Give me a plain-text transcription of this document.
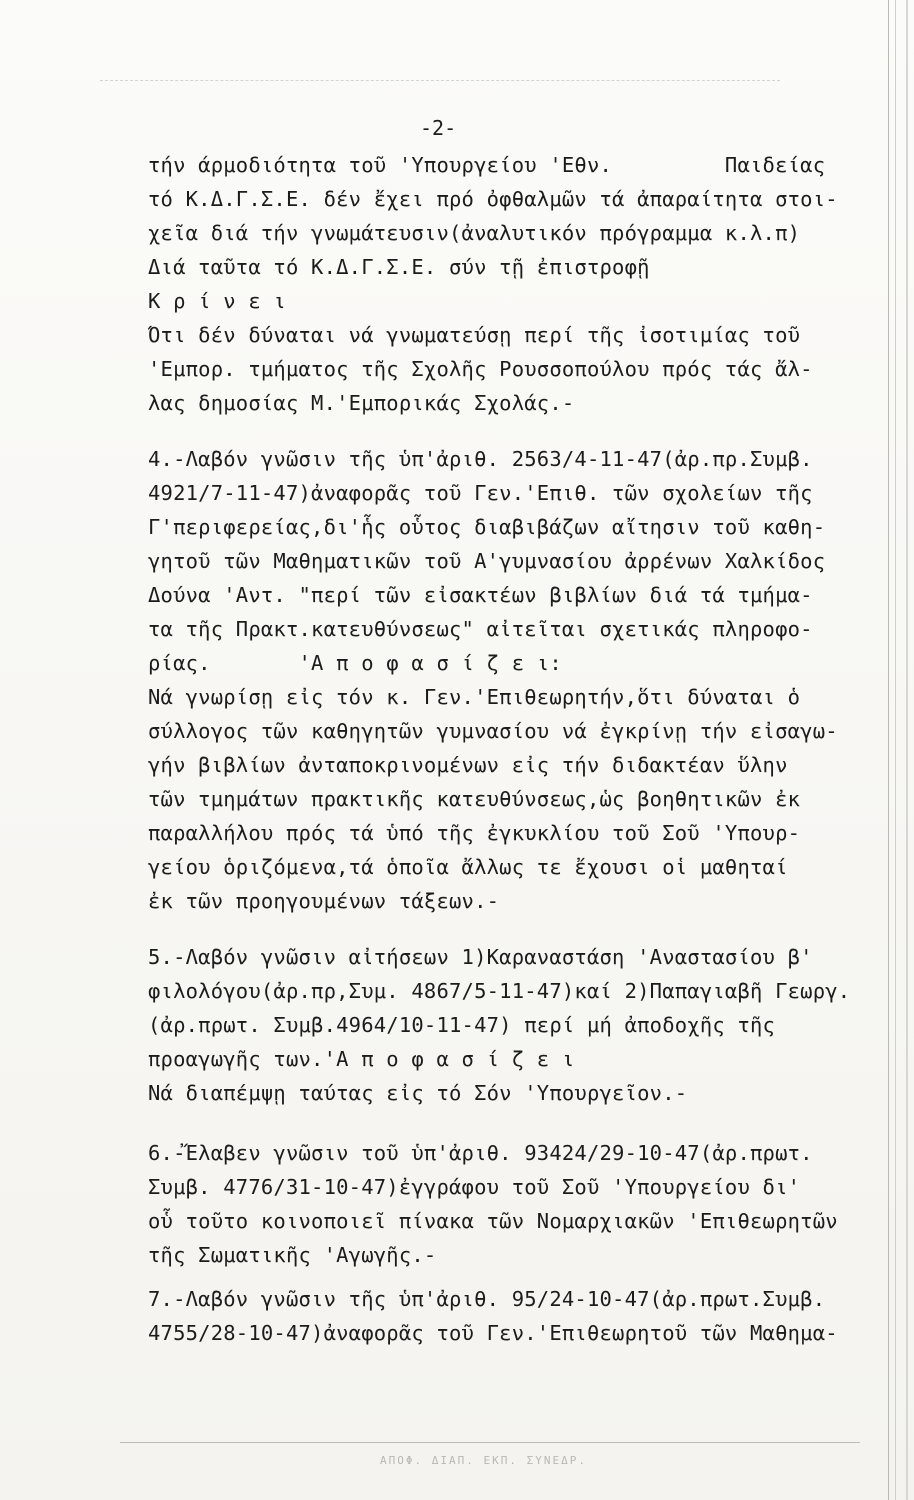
-2-
τήν άρμοδιότητα τοῦ 'Υπουργείου 'Εθν.         Παιδείας
τό Κ.Δ.Γ.Σ.Ε. δέν ἔχει πρό ὀφθαλμῶν τά ἀπαραίτητα στοι-
χεῖα διά τήν γνωμάτευσιν(ἀναλυτικόν πρόγραμμα κ.λ.π)
Διά ταῦτα τό Κ.Δ.Γ.Σ.Ε. σύν τῇ ἐπιστροφῇ
Κ ρ ί ν ε ι
Ὅτι δέν δύναται νά γνωματεύσῃ περί τῆς ἰσοτιμίας τοῦ
'Εμπορ. τμήματος τῆς Σχολῆς Ρουσσοπούλου πρός τάς ἄλ-
λας δημοσίας Μ.'Εμπορικάς Σχολάς.-
4.-Λαβόν γνῶσιν τῆς ὑπ'ἀριθ. 2563/4-11-47(ἀρ.πρ.Συμβ.
4921/7-11-47)ἀναφορᾶς τοῦ Γεν.'Επιθ. τῶν σχολείων τῆς
Γ'περιφερείας,δι'ἧς οὗτος διαβιβάζων αἴτησιν τοῦ καθη-
γητοῦ τῶν Μαθηματικῶν τοῦ Α'γυμνασίου ἀρρένων Χαλκίδος
Δούνα 'Αντ. "περί τῶν εἰσακτέων βιβλίων διά τά τμήμα-
τα τῆς Πρακτ.κατευθύνσεως" αἰτεῖται σχετικάς πληροφο-
ρίας.       'Α π ο φ α σ ί ζ ε ι:
Νά γνωρίσῃ εἰς τόν κ. Γεν.'Επιθεωρητήν,ὅτι δύναται ὁ
σύλλογος τῶν καθηγητῶν γυμνασίου νά ἐγκρίνῃ τήν εἰσαγω-
γήν βιβλίων ἀνταποκρινομένων εἰς τήν διδακτέαν ὕλην
τῶν τμημάτων πρακτικῆς κατευθύνσεως,ὡς βοηθητικῶν ἐκ
παραλλήλου πρός τά ὑπό τῆς ἐγκυκλίου τοῦ Σοῦ 'Υπουρ-
γείου ὁριζόμενα,τά ὁποῖα ἄλλως τε ἔχουσι οἱ μαθηταί
ἐκ τῶν προηγουμένων τάξεων.-
5.-Λαβόν γνῶσιν αἰτήσεων 1)Καραναστάση 'Αναστασίου β'
φιλολόγου(ἀρ.πρ,Συμ. 4867/5-11-47)καί 2)Παπαγιαβῆ Γεωργ.
(ἀρ.πρωτ. Συμβ.4964/10-11-47) περί μή ἀποδοχῆς τῆς
προαγωγῆς των.'Α π ο φ α σ ί ζ ε ι
Νά διαπέμψῃ ταύτας εἰς τό Σόν 'Υπουργεῖον.-
6.-Ἔλαβεν γνῶσιν τοῦ ὑπ'ἀριθ. 93424/29-10-47(ἀρ.πρωτ.
Συμβ. 4776/31-10-47)ἐγγράφου τοῦ Σοῦ 'Υπουργείου δι'
οὗ τοῦτο κοινοποιεῖ πίνακα τῶν Νομαρχιακῶν 'Επιθεωρητῶν
τῆς Σωματικῆς 'Αγωγῆς.-
7.-Λαβόν γνῶσιν τῆς ὑπ'ἀριθ. 95/24-10-47(ἀρ.πρωτ.Συμβ.
4755/28-10-47)ἀναφορᾶς τοῦ Γεν.'Επιθεωρητοῦ τῶν Μαθημα-
ΑΠΟΦ. ΔΙΑΠ. ΕΚΠ. ΣΥΝΕΔΡ.
